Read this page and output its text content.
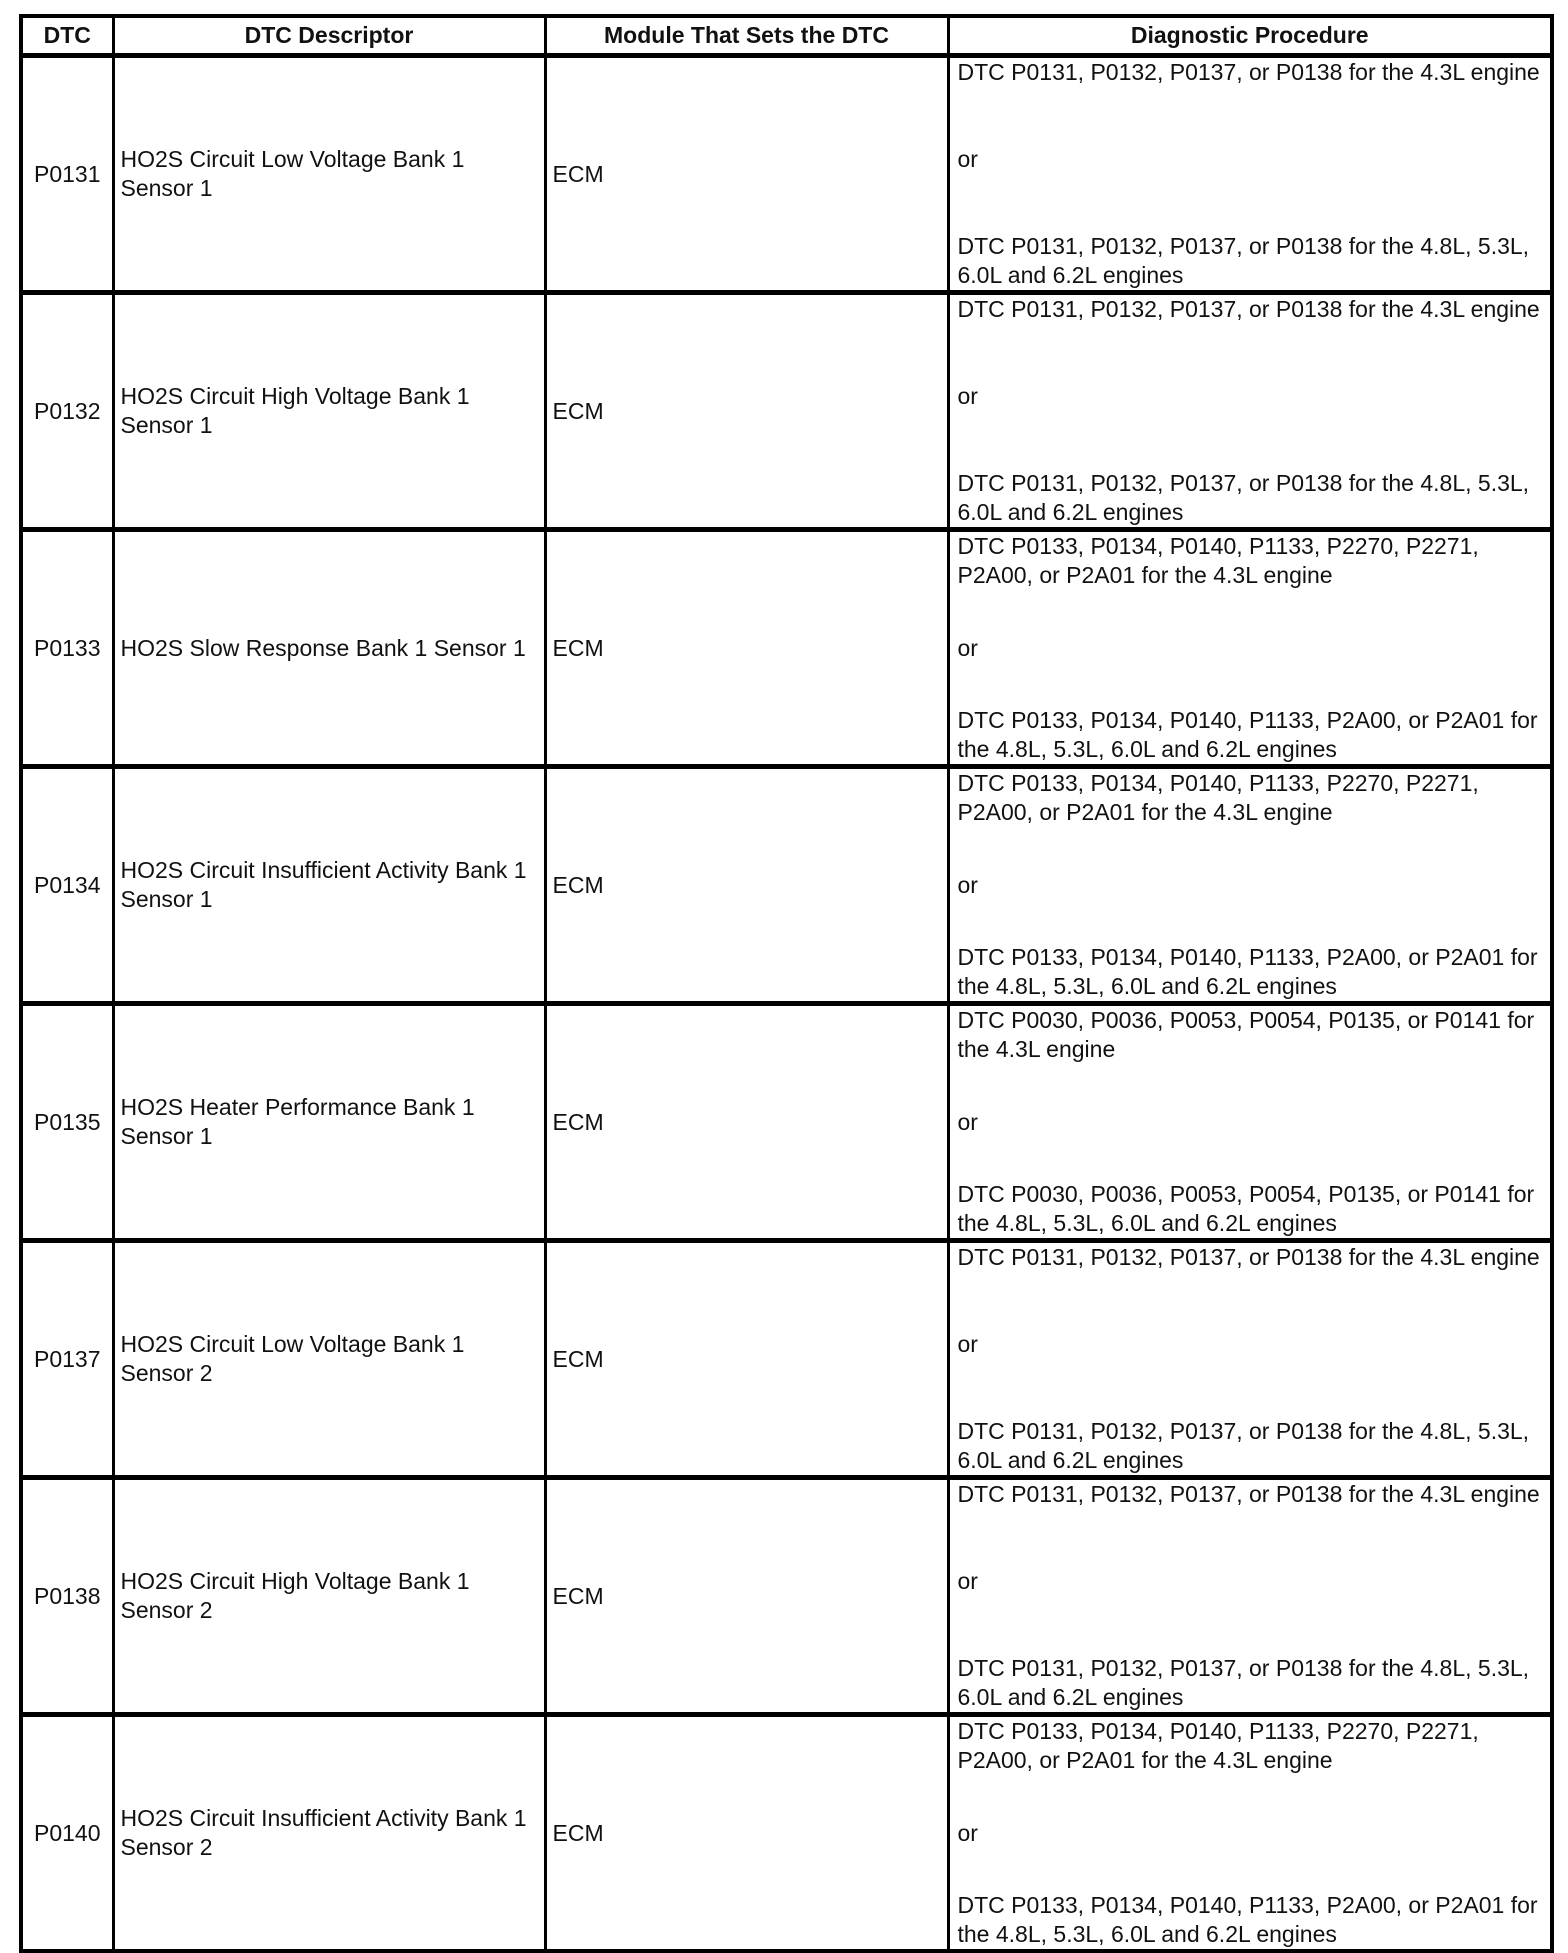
DTC	DTC Descriptor	Module That Sets the DTC	Diagnostic Procedure
P0131	HO2S Circuit Low Voltage Bank 1 Sensor 1	ECM	DTC P0131, P0132, P0137, or P0138 for the 4.3L engine
or
DTC P0131, P0132, P0137, or P0138 for the 4.8L, 5.3L, 6.0L and 6.2L engines

P0132	HO2S Circuit High Voltage Bank 1 Sensor 1	ECM	DTC P0131, P0132, P0137, or P0138 for the 4.3L engine
or
DTC P0131, P0132, P0137, or P0138 for the 4.8L, 5.3L, 6.0L and 6.2L engines

P0133	HO2S Slow Response Bank 1 Sensor 1	ECM	DTC P0133, P0134, P0140, P1133, P2270, P2271, P2A00, or P2A01 for the 4.3L engine
or
DTC P0133, P0134, P0140, P1133, P2A00, or P2A01 for the 4.8L, 5.3L, 6.0L and 6.2L engines

P0134	HO2S Circuit Insufficient Activity Bank 1 Sensor 1	ECM	DTC P0133, P0134, P0140, P1133, P2270, P2271, P2A00, or P2A01 for the 4.3L engine
or
DTC P0133, P0134, P0140, P1133, P2A00, or P2A01 for the 4.8L, 5.3L, 6.0L and 6.2L engines

P0135	HO2S Heater Performance Bank 1 Sensor 1	ECM	DTC P0030, P0036, P0053, P0054, P0135, or P0141 for the 4.3L engine
or
DTC P0030, P0036, P0053, P0054, P0135, or P0141 for the 4.8L, 5.3L, 6.0L and 6.2L engines

P0137	HO2S Circuit Low Voltage Bank 1 Sensor 2	ECM	DTC P0131, P0132, P0137, or P0138 for the 4.3L engine
or
DTC P0131, P0132, P0137, or P0138 for the 4.8L, 5.3L, 6.0L and 6.2L engines

P0138	HO2S Circuit High Voltage Bank 1 Sensor 2	ECM	DTC P0131, P0132, P0137, or P0138 for the 4.3L engine
or
DTC P0131, P0132, P0137, or P0138 for the 4.8L, 5.3L, 6.0L and 6.2L engines

P0140	HO2S Circuit Insufficient Activity Bank 1 Sensor 2	ECM	DTC P0133, P0134, P0140, P1133, P2270, P2271, P2A00, or P2A01 for the 4.3L engine
or
DTC P0133, P0134, P0140, P1133, P2A00, or P2A01 for the 4.8L, 5.3L, 6.0L and 6.2L engines
